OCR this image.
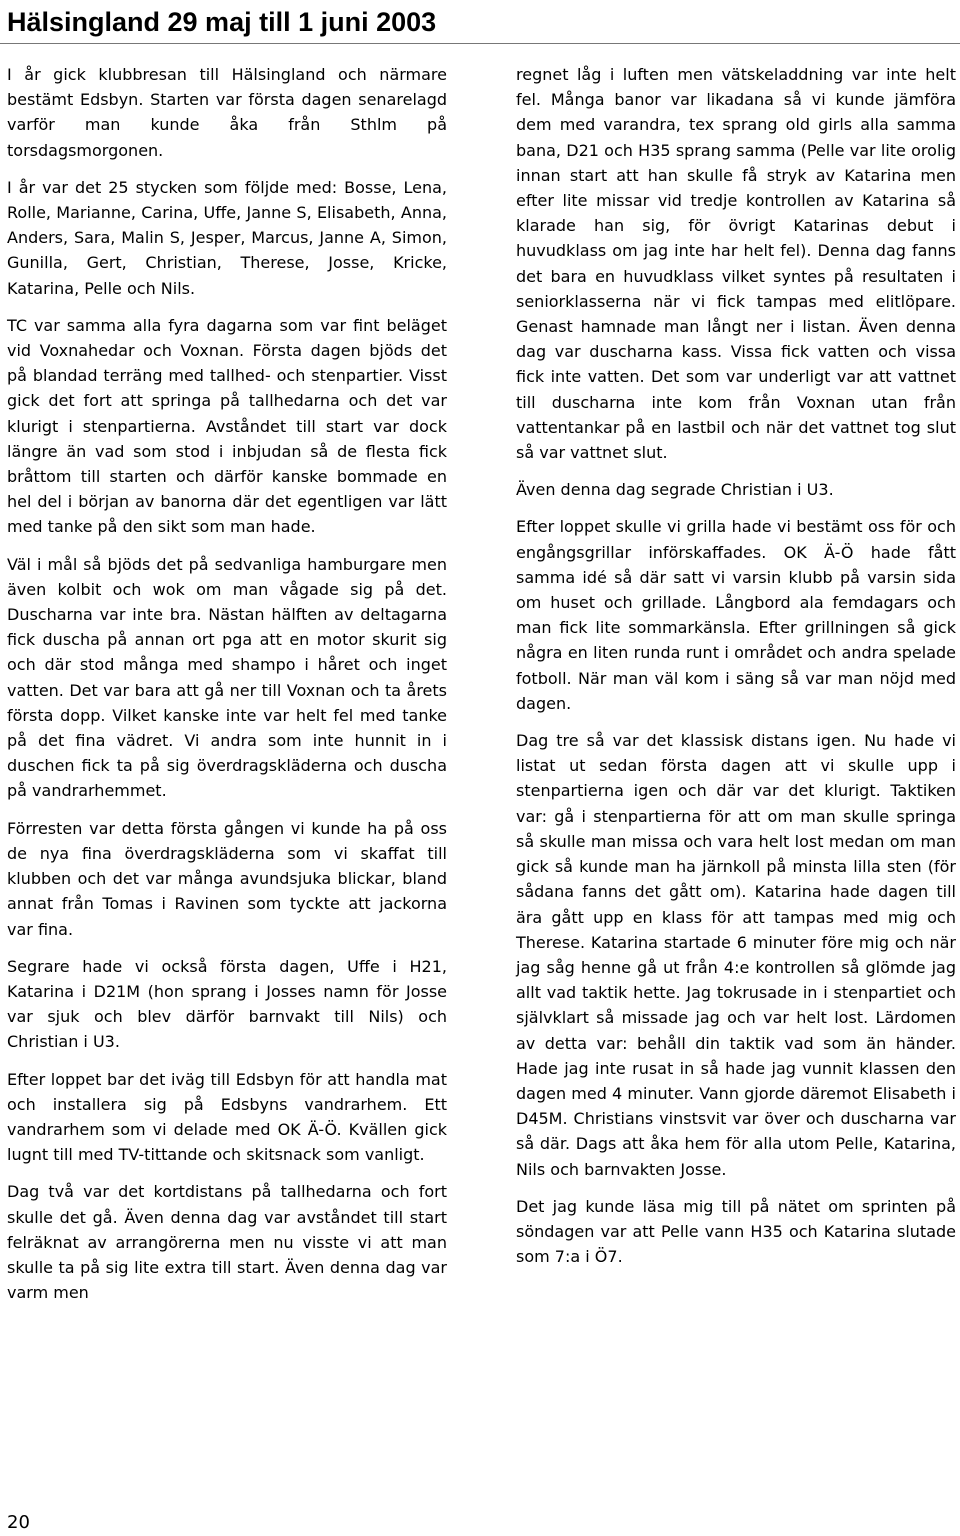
Hälsingland 29 maj till 1 juni 2003

I år gick klubbresan till Hälsingland och närmare bestämt Edsbyn. Starten var första dagen senarelagd varför man kunde åka från Sthlm på torsdagsmorgonen.

I år var det 25 stycken som följde med: Bosse, Lena, Rolle, Marianne, Carina, Uffe, Janne S, Elisabeth, Anna, Anders, Sara, Malin S, Jesper, Marcus, Janne A, Simon, Gunilla, Gert, Christian, Therese, Josse, Kricke, Katarina, Pelle och Nils.

TC var samma alla fyra dagarna som var fint beläget vid Voxnahedar och Voxnan. Första dagen bjöds det på blandad terräng med tallhed- och stenpartier. Visst gick det fort att springa på tallhedarna och det var klurigt i stenpartierna. Avståndet till start var dock längre än vad som stod i inbjudan så de flesta fick bråttom till starten och därför kanske bommade en hel del i början av banorna där det egentligen var lätt med tanke på den sikt som man hade.

Väl i mål så bjöds det på sedvanliga hamburgare men även kolbit och wok om man vågade sig på det. Duscharna var inte bra. Nästan hälften av deltagarna fick duscha på annan ort pga att en motor skurit sig och där stod många med shampo i håret och inget vatten. Det var bara att gå ner till Voxnan och ta årets första dopp. Vilket kanske inte var helt fel med tanke på det fina vädret. Vi andra som inte hunnit in i duschen fick ta på sig överdragskläderna och duscha på vandrarhemmet.

Förresten var detta första gången vi kunde ha på oss de nya fina överdragskläderna som vi skaffat till klubben och det var många avundsjuka blickar, bland annat från Tomas i Ravinen som tyckte att jackorna var fina.

Segrare hade vi också första dagen, Uffe i H21, Katarina i D21M (hon sprang i Josses namn för Josse var sjuk och blev därför barnvakt till Nils) och Christian i U3.

Efter loppet bar det iväg till Edsbyn för att handla mat och installera sig på Edsbyns vandrarhem. Ett vandrarhem som vi delade med OK Ä-Ö. Kvällen gick lugnt till med TV-tittande och skitsnack som vanligt.

Dag två var det kortdistans på tallhedarna och fort skulle det gå. Även denna dag var avståndet till start felräknat av arrangörerna men nu visste vi att man skulle ta på sig lite extra till start. Även denna dag var varm men

regnet låg i luften men vätskeladdning var inte helt fel. Många banor var likadana så vi kunde jämföra dem med varandra, tex sprang old girls alla samma bana, D21 och H35 sprang samma (Pelle var lite orolig innan start att han skulle få stryk av Katarina men efter lite missar vid tredje kontrollen av Katarina så klarade han sig, för övrigt Katarinas debut i huvudklass om jag inte har helt fel). Denna dag fanns det bara en huvudklass vilket syntes på resultaten i seniorklasserna när vi fick tampas med elitlöpare. Genast hamnade man långt ner i listan. Även denna dag var duscharna kass. Vissa fick vatten och vissa fick inte vatten. Det som var underligt var att vattnet till duscharna inte kom från Voxnan utan från vattentankar på en lastbil och när det vattnet tog slut så var vattnet slut.

Även denna dag segrade Christian i U3.

Efter loppet skulle vi grilla hade vi bestämt oss för och engångsgrillar införskaffades. OK Ä-Ö hade fått samma idé så där satt vi varsin klubb på varsin sida om huset och grillade. Långbord ala femdagars och man fick lite sommarkänsla. Efter grillningen så gick några en liten runda runt i området och andra spelade fotboll. När man väl kom i säng så var man nöjd med dagen.

Dag tre så var det klassisk distans igen. Nu hade vi listat ut sedan första dagen att vi skulle upp i stenpartierna igen och där var det klurigt. Taktiken var: gå i stenpartierna för att om man skulle springa så skulle man missa och vara helt lost medan om man gick så kunde man ha järnkoll på minsta lilla sten (för sådana fanns det gått om). Katarina hade dagen till ära gått upp en klass för att tampas med mig och Therese. Katarina startade 6 minuter före mig och när jag såg henne gå ut från 4:e kontrollen så glömde jag allt vad taktik hette. Jag tokrusade in i stenpartiet och självklart så missade jag och var helt lost. Lärdomen av detta var: behåll din taktik vad som än händer. Hade jag inte rusat in så hade jag vunnit klassen den dagen med 4 minuter. Vann gjorde däremot Elisabeth i D45M. Christians vinstsvit var över och duscharna var så där. Dags att åka hem för alla utom Pelle, Katarina, Nils och barnvakten Josse.

Det jag kunde läsa mig till på nätet om sprinten på söndagen var att Pelle vann H35 och Katarina slutade som 7:a i Ö7.

20
